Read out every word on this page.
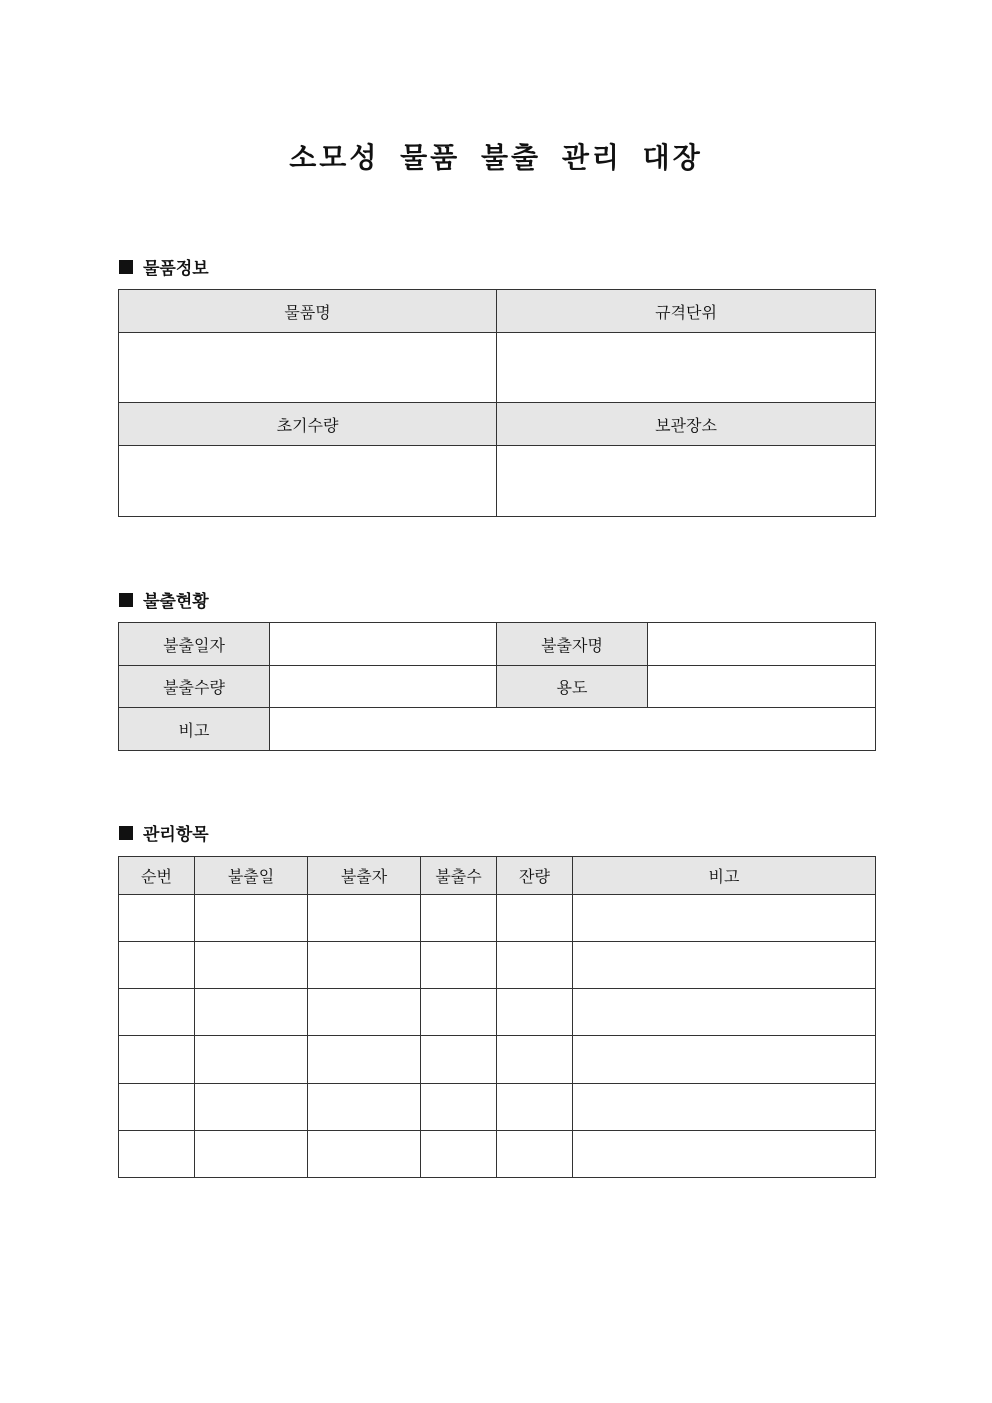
소모성 물품 불출 관리 대장
물품정보
물품명	규격단위

초기수량	보관장소

불출현황
불출일자		불출자명	
불출수량		용도	
비고			
관리항목
순번	불출일	불출자	불출수	잔량	비고
